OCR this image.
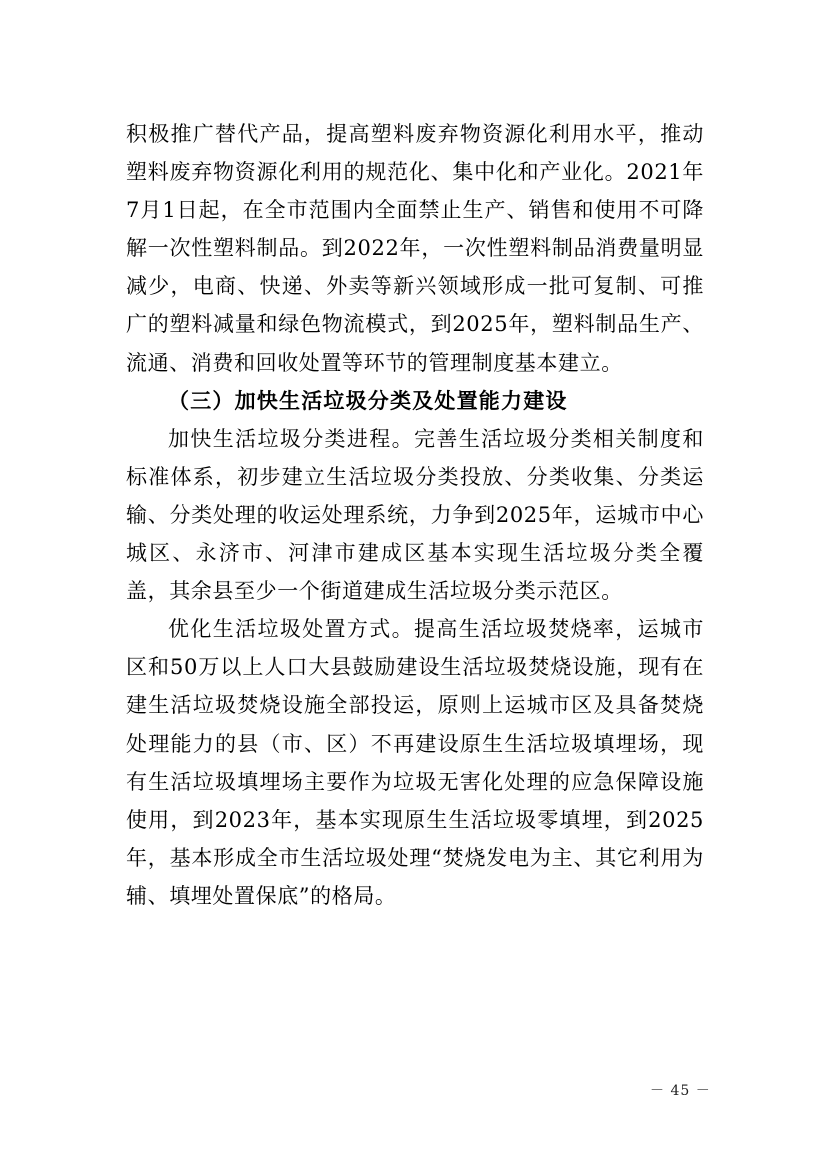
积极推广替代产品，提高塑料废弃物资源化利用水平，推动塑料废弃物资源化利用的规范化、集中化和产业化。2021年7月1日起，在全市范围内全面禁止生产、销售和使用不可降解一次性塑料制品。到2022年，一次性塑料制品消费量明显减少，电商、快递、外卖等新兴领域形成一批可复制、可推广的塑料减量和绿色物流模式，到2025年，塑料制品生产、流通、消费和回收处置等环节的管理制度基本建立。

（三）加快生活垃圾分类及处置能力建设

加快生活垃圾分类进程。完善生活垃圾分类相关制度和标准体系，初步建立生活垃圾分类投放、分类收集、分类运输、分类处理的收运处理系统，力争到2025年，运城市中心城区、永济市、河津市建成区基本实现生活垃圾分类全覆盖，其余县至少一个街道建成生活垃圾分类示范区。

优化生活垃圾处置方式。提高生活垃圾焚烧率，运城市区和50万以上人口大县鼓励建设生活垃圾焚烧设施，现有在建生活垃圾焚烧设施全部投运，原则上运城市区及具备焚烧处理能力的县（市、区）不再建设原生生活垃圾填埋场，现有生活垃圾填埋场主要作为垃圾无害化处理的应急保障设施使用，到2023年，基本实现原生生活垃圾零填埋，到2025年，基本形成全市生活垃圾处理“焚烧发电为主、其它利用为辅、填埋处置保底”的格局。

－ 45 －
